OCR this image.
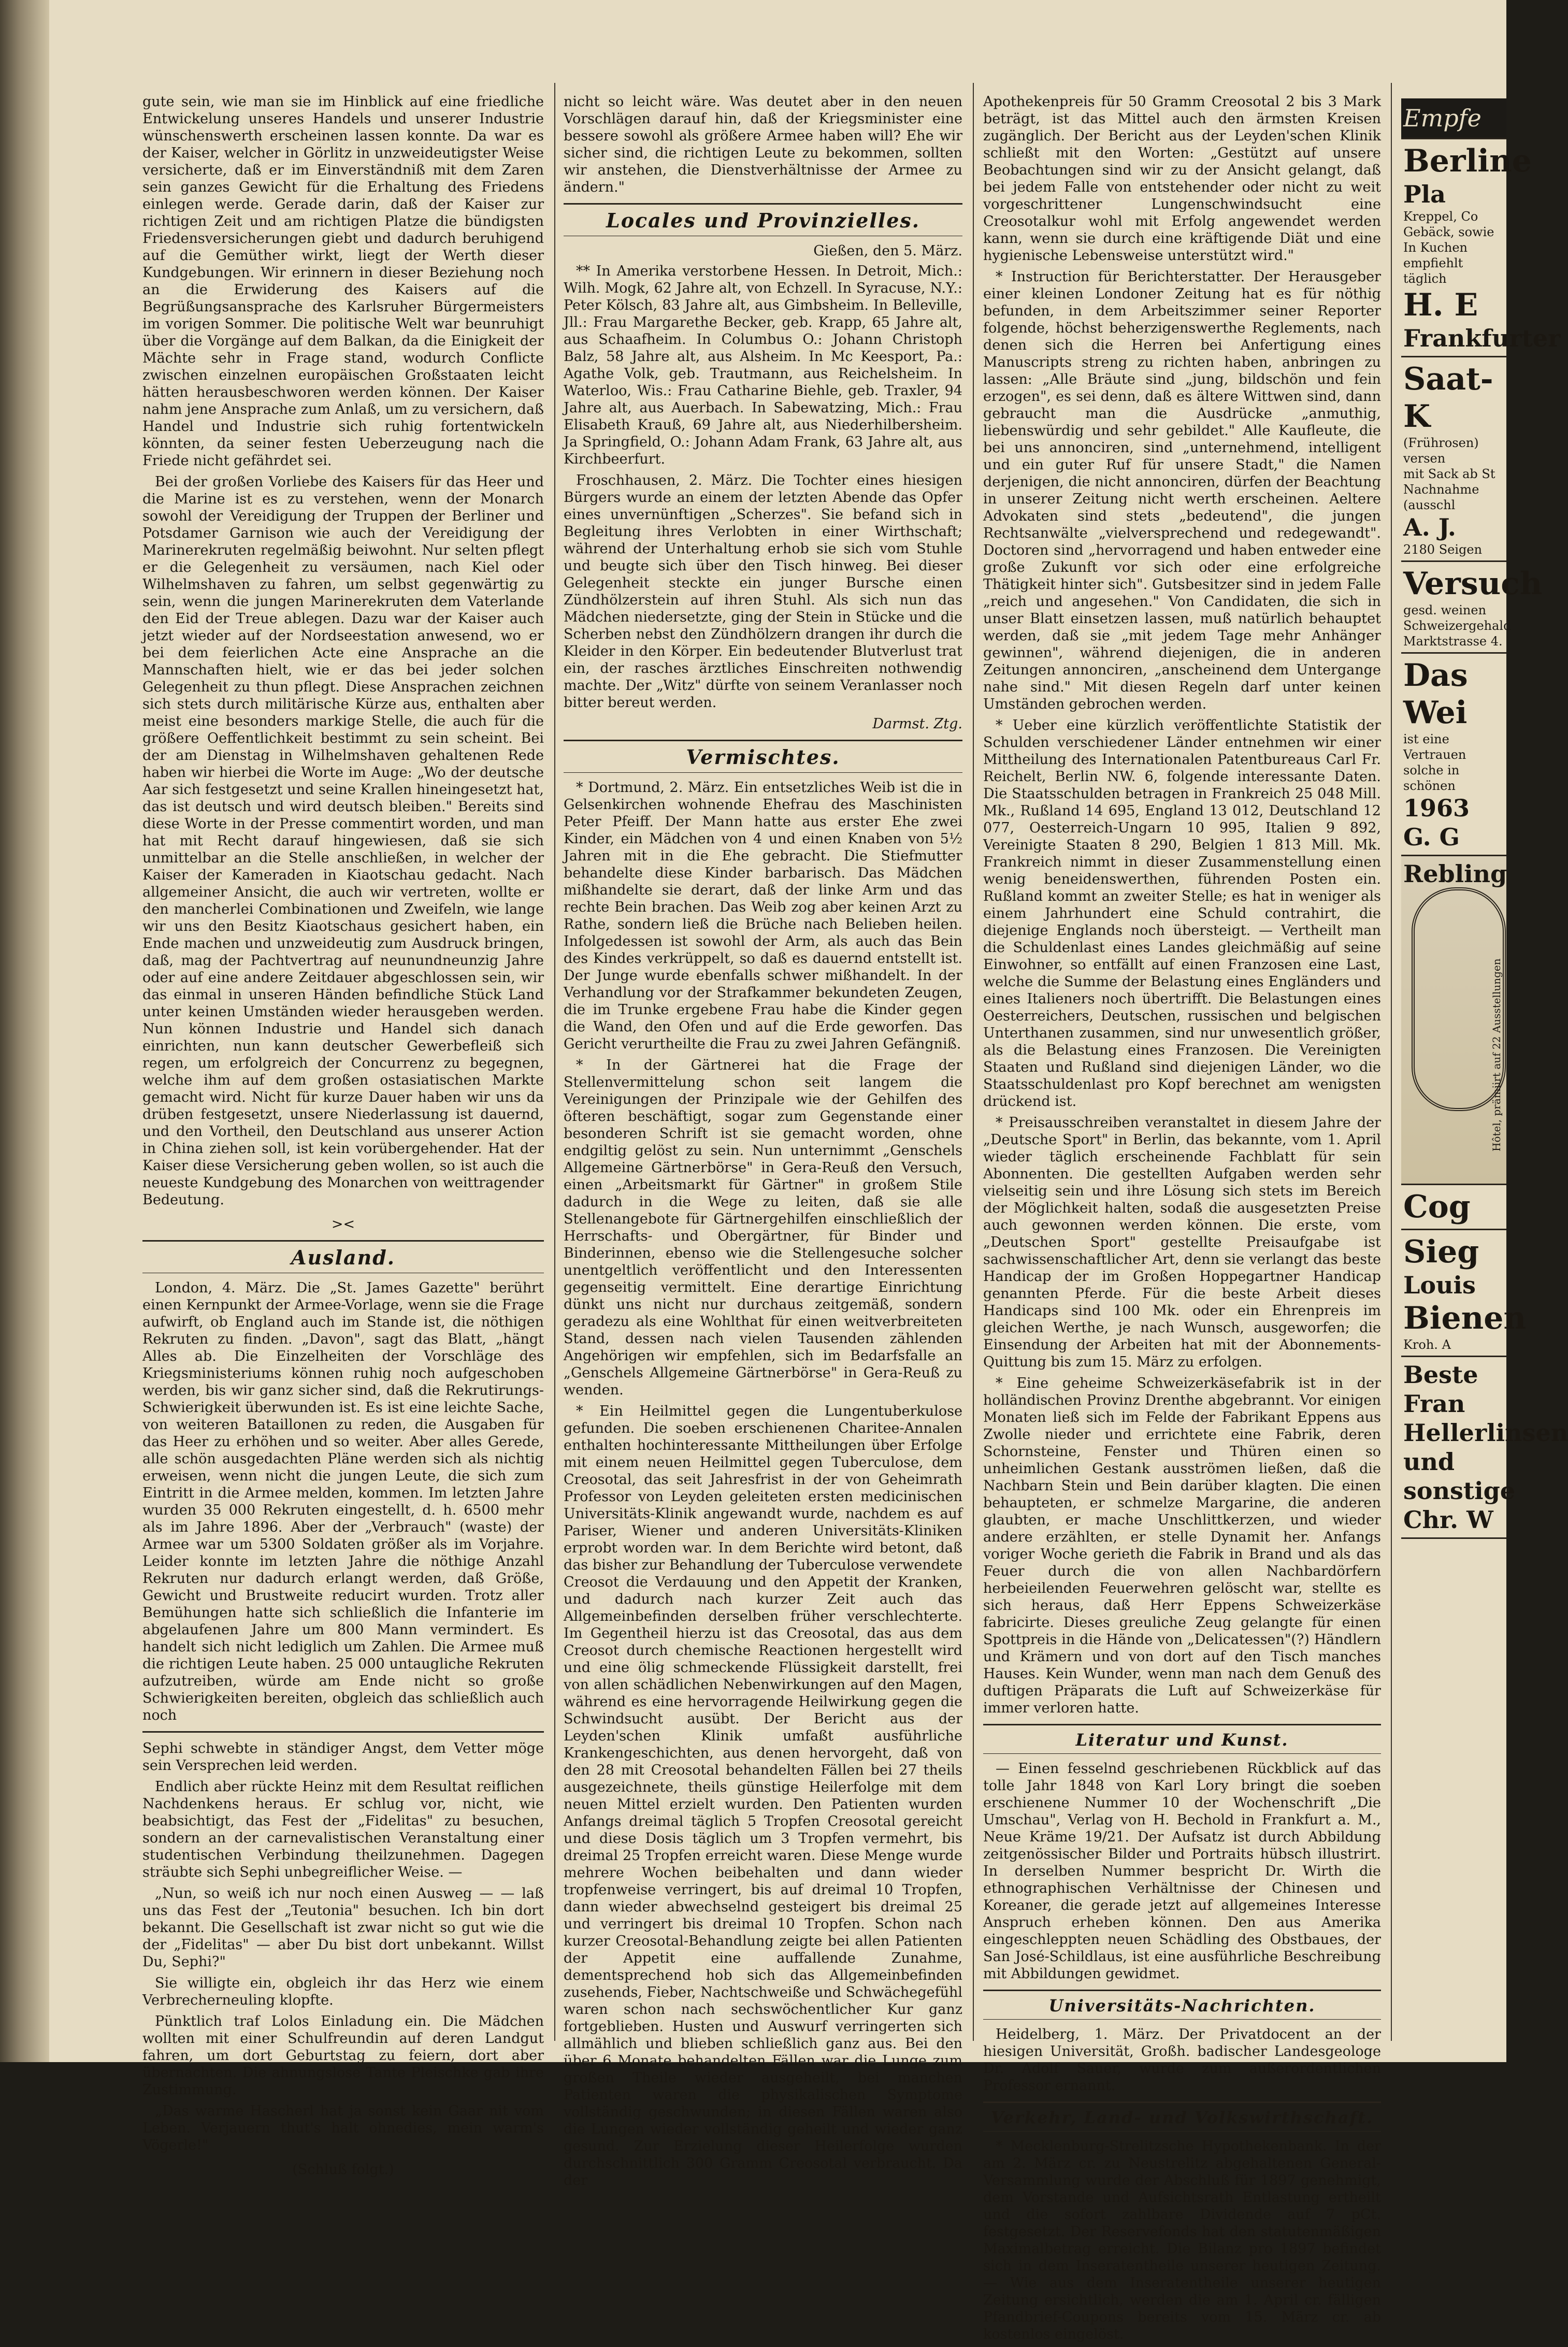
gute sein, wie man sie im Hinblick auf eine friedliche Entwickelung unseres Handels und unserer Industrie wünschenswerth erscheinen lassen konnte. Da war es der Kaiser, welcher in Görlitz in unzweideutigster Weise versicherte, daß er im Einverständniß mit dem Zaren sein ganzes Gewicht für die Erhaltung des Friedens einlegen werde. Gerade darin, daß der Kaiser zur richtigen Zeit und am richtigen Platze die bündigsten Friedensversicherungen giebt und dadurch beruhigend auf die Gemüther wirkt, liegt der Werth dieser Kundgebungen. Wir erinnern in dieser Beziehung noch an die Erwiderung des Kaisers auf die Begrüßungsansprache des Karlsruher Bürgermeisters im vorigen Sommer. Die politische Welt war beunruhigt über die Vorgänge auf dem Balkan, da die Einigkeit der Mächte sehr in Frage stand, wodurch Conflicte zwischen einzelnen europäischen Großstaaten leicht hätten herausbeschworen werden können. Der Kaiser nahm jene Ansprache zum Anlaß, um zu versichern, daß Handel und Industrie sich ruhig fortentwickeln könnten, da seiner festen Ueberzeugung nach die Friede nicht gefährdet sei.

Bei der großen Vorliebe des Kaisers für das Heer und die Marine ist es zu verstehen, wenn der Monarch sowohl der Vereidigung der Truppen der Berliner und Potsdamer Garnison wie auch der Vereidigung der Marinerekruten regelmäßig beiwohnt. Nur selten pflegt er die Gelegenheit zu versäumen, nach Kiel oder Wilhelmshaven zu fahren, um selbst gegenwärtig zu sein, wenn die jungen Marinerekruten dem Vaterlande den Eid der Treue ablegen. Dazu war der Kaiser auch jetzt wieder auf der Nordseestation anwesend, wo er bei dem feierlichen Acte eine Ansprache an die Mannschaften hielt, wie er das bei jeder solchen Gelegenheit zu thun pflegt. Diese Ansprachen zeichnen sich stets durch militärische Kürze aus, enthalten aber meist eine besonders markige Stelle, die auch für die größere Oeffentlichkeit bestimmt zu sein scheint. Bei der am Dienstag in Wilhelmshaven gehaltenen Rede haben wir hierbei die Worte im Auge: „Wo der deutsche Aar sich festgesetzt und seine Krallen hineingesetzt hat, das ist deutsch und wird deutsch bleiben." Bereits sind diese Worte in der Presse commentirt worden, und man hat mit Recht darauf hingewiesen, daß sie sich unmittelbar an die Stelle anschließen, in welcher der Kaiser der Kameraden in Kiaotschau gedacht. Nach allgemeiner Ansicht, die auch wir vertreten, wollte er den mancherlei Combinationen und Zweifeln, wie lange wir uns den Besitz Kiaotschaus gesichert haben, ein Ende machen und unzweideutig zum Ausdruck bringen, daß, mag der Pachtvertrag auf neunundneunzig Jahre oder auf eine andere Zeitdauer abgeschlossen sein, wir das einmal in unseren Händen befindliche Stück Land unter keinen Umständen wieder herausgeben werden. Nun können Industrie und Handel sich danach einrichten, nun kann deutscher Gewerbefleiß sich regen, um erfolgreich der Concurrenz zu begegnen, welche ihm auf dem großen ostasiatischen Markte gemacht wird. Nicht für kurze Dauer haben wir uns da drüben festgesetzt, unsere Niederlassung ist dauernd, und den Vortheil, den Deutschland aus unserer Action in China ziehen soll, ist kein vorübergehender. Hat der Kaiser diese Versicherung geben wollen, so ist auch die neueste Kundgebung des Monarchen von weittragender Bedeutung.

><
Ausland.

London, 4. März. Die „St. James Gazette" berührt einen Kernpunkt der Armee-Vorlage, wenn sie die Frage aufwirft, ob England auch im Stande ist, die nöthigen Rekruten zu finden. „Davon", sagt das Blatt, „hängt Alles ab. Die Einzelheiten der Vorschläge des Kriegsministeriums können ruhig noch aufgeschoben werden, bis wir ganz sicher sind, daß die Rekrutirungs-Schwierigkeit überwunden ist. Es ist eine leichte Sache, von weiteren Bataillonen zu reden, die Ausgaben für das Heer zu erhöhen und so weiter. Aber alles Gerede, alle schön ausgedachten Pläne werden sich als nichtig erweisen, wenn nicht die jungen Leute, die sich zum Eintritt in die Armee melden, kommen. Im letzten Jahre wurden 35 000 Rekruten eingestellt, d. h. 6500 mehr als im Jahre 1896. Aber der „Verbrauch" (waste) der Armee war um 5300 Soldaten größer als im Vorjahre. Leider konnte im letzten Jahre die nöthige Anzahl Rekruten nur dadurch erlangt werden, daß Größe, Gewicht und Brustweite reducirt wurden. Trotz aller Bemühungen hatte sich schließlich die Infanterie im abgelaufenen Jahre um 800 Mann vermindert. Es handelt sich nicht lediglich um Zahlen. Die Armee muß die richtigen Leute haben. 25 000 untaugliche Rekruten aufzutreiben, würde am Ende nicht so große Schwierigkeiten bereiten, obgleich das schließlich auch noch

Sephi schwebte in ständiger Angst, dem Vetter möge sein Versprechen leid werden.

Endlich aber rückte Heinz mit dem Resultat reiflichen Nachdenkens heraus. Er schlug vor, nicht, wie beabsichtigt, das Fest der „Fidelitas" zu besuchen, sondern an der carnevalistischen Veranstaltung einer studentischen Verbindung theilzunehmen. Dagegen sträubte sich Sephi unbegreiflicher Weise. —

„Nun, so weiß ich nur noch einen Ausweg — — laß uns das Fest der „Teutonia" besuchen. Ich bin dort bekannt. Die Gesellschaft ist zwar nicht so gut wie die der „Fidelitas" — aber Du bist dort unbekannt. Willst Du, Sephi?"

Sie willigte ein, obgleich ihr das Herz wie einem Verbrecherneuling klopfte.

Pünktlich traf Lolos Einladung ein. Die Mädchen wollten mit einer Schulfreundin auf deren Landgut fahren, um dort Geburtstag zu feiern, dort aber übernachten. Die ahnungslose Tante Pleischke gab ihre Zustimmung.

„Das warme Hascherl hat ja sonst kein Gaar nit vom Leben. Verjauern thut's halt ohnedies, mein warm's Vögerle!"

(Schluß folgt.)

nicht so leicht wäre. Was deutet aber in den neuen Vorschlägen darauf hin, daß der Kriegsminister eine bessere sowohl als größere Armee haben will? Ehe wir sicher sind, die richtigen Leute zu bekommen, sollten wir anstehen, die Dienstverhältnisse der Armee zu ändern."

Locales und Provinzielles.
Gießen, den 5. März.

** In Amerika verstorbene Hessen. In Detroit, Mich.: Wilh. Mogk, 62 Jahre alt, von Echzell. In Syracuse, N.Y.: Peter Kölsch, 83 Jahre alt, aus Gimbsheim. In Belleville, Jll.: Frau Margarethe Becker, geb. Krapp, 65 Jahre alt, aus Schaafheim. In Columbus O.: Johann Christoph Balz, 58 Jahre alt, aus Alsheim. In Mc Keesport, Pa.: Agathe Volk, geb. Trautmann, aus Reichelsheim. In Waterloo, Wis.: Frau Catharine Biehle, geb. Traxler, 94 Jahre alt, aus Auerbach. In Sabewatzing, Mich.: Frau Elisabeth Krauß, 69 Jahre alt, aus Niederhilbersheim. Ja Springfield, O.: Johann Adam Frank, 63 Jahre alt, aus Kirchbeerfurt.

Froschhausen, 2. März. Die Tochter eines hiesigen Bürgers wurde an einem der letzten Abende das Opfer eines unvernünftigen „Scherzes". Sie befand sich in Begleitung ihres Verlobten in einer Wirthschaft; während der Unterhaltung erhob sie sich vom Stuhle und beugte sich über den Tisch hinweg. Bei dieser Gelegenheit steckte ein junger Bursche einen Zündhölzerstein auf ihren Stuhl. Als sich nun das Mädchen niedersetzte, ging der Stein in Stücke und die Scherben nebst den Zündhölzern drangen ihr durch die Kleider in den Körper. Ein bedeutender Blutverlust trat ein, der rasches ärztliches Einschreiten nothwendig machte. Der „Witz" dürfte von seinem Veranlasser noch bitter bereut werden.

Darmst. Ztg.
Vermischtes.

* Dortmund, 2. März. Ein entsetzliches Weib ist die in Gelsenkirchen wohnende Ehefrau des Maschinisten Peter Pfeiff. Der Mann hatte aus erster Ehe zwei Kinder, ein Mädchen von 4 und einen Knaben von 5½ Jahren mit in die Ehe gebracht. Die Stiefmutter behandelte diese Kinder barbarisch. Das Mädchen mißhandelte sie derart, daß der linke Arm und das rechte Bein brachen. Das Weib zog aber keinen Arzt zu Rathe, sondern ließ die Brüche nach Belieben heilen. Infolgedessen ist sowohl der Arm, als auch das Bein des Kindes verkrüppelt, so daß es dauernd entstellt ist. Der Junge wurde ebenfalls schwer mißhandelt. In der Verhandlung vor der Strafkammer bekundeten Zeugen, die im Trunke ergebene Frau habe die Kinder gegen die Wand, den Ofen und auf die Erde geworfen. Das Gericht verurtheilte die Frau zu zwei Jahren Gefängniß.

* In der Gärtnerei hat die Frage der Stellenvermittelung schon seit langem die Vereinigungen der Prinzipale wie der Gehilfen des öfteren beschäftigt, sogar zum Gegenstande einer besonderen Schrift ist sie gemacht worden, ohne endgiltig gelöst zu sein. Nun unternimmt „Genschels Allgemeine Gärtnerbörse" in Gera-Reuß den Versuch, einen „Arbeitsmarkt für Gärtner" in großem Stile dadurch in die Wege zu leiten, daß sie alle Stellenangebote für Gärtnergehilfen einschließlich der Herrschafts- und Obergärtner, für Binder und Binderinnen, ebenso wie die Stellengesuche solcher unentgeltlich veröffentlicht und den Interessenten gegenseitig vermittelt. Eine derartige Einrichtung dünkt uns nicht nur durchaus zeitgemäß, sondern geradezu als eine Wohlthat für einen weitverbreiteten Stand, dessen nach vielen Tausenden zählenden Angehörigen wir empfehlen, sich im Bedarfsfalle an „Genschels Allgemeine Gärtnerbörse" in Gera-Reuß zu wenden.

* Ein Heilmittel gegen die Lungentuberkulose gefunden. Die soeben erschienenen Charitee-Annalen enthalten hochinteressante Mittheilungen über Erfolge mit einem neuen Heilmittel gegen Tuberculose, dem Creosotal, das seit Jahresfrist in der von Geheimrath Professor von Leyden geleiteten ersten medicinischen Universitäts-Klinik angewandt wurde, nachdem es auf Pariser, Wiener und anderen Universitäts-Kliniken erprobt worden war. In dem Berichte wird betont, daß das bisher zur Behandlung der Tuberculose verwendete Creosot die Verdauung und den Appetit der Kranken, und dadurch nach kurzer Zeit auch das Allgemeinbefinden derselben früher verschlechterte. Im Gegentheil hierzu ist das Creosotal, das aus dem Creosot durch chemische Reactionen hergestellt wird und eine ölig schmeckende Flüssigkeit darstellt, frei von allen schädlichen Nebenwirkungen auf den Magen, während es eine hervorragende Heilwirkung gegen die Schwindsucht ausübt. Der Bericht aus der Leyden'schen Klinik umfaßt ausführliche Krankengeschichten, aus denen hervorgeht, daß von den 28 mit Creosotal behandelten Fällen bei 27 theils ausgezeichnete, theils günstige Heilerfolge mit dem neuen Mittel erzielt wurden. Den Patienten wurden Anfangs dreimal täglich 5 Tropfen Creosotal gereicht und diese Dosis täglich um 3 Tropfen vermehrt, bis dreimal 25 Tropfen erreicht waren. Diese Menge wurde mehrere Wochen beibehalten und dann wieder tropfenweise verringert, bis auf dreimal 10 Tropfen, dann wieder abwechselnd gesteigert bis dreimal 25 und verringert bis dreimal 10 Tropfen. Schon nach kurzer Creosotal-Behandlung zeigte bei allen Patienten der Appetit eine auffallende Zunahme, dementsprechend hob sich das Allgemeinbefinden zusehends, Fieber, Nachtschweiße und Schwächegefühl waren schon nach sechswöchentlicher Kur ganz fortgeblieben. Husten und Auswurf verringerten sich allmählich und blieben schließlich ganz aus. Bei den über 6 Monate behandelten Fällen war die Lunge zum großen Theile wieder ausgeheilt, bei manchen Patienten waren die physikalischen Symptome vollständig geschwunden; in diesen Fällen waren also die Lungen wieder vollständig geheilt und wieder ganz gesund. Zur Erzielung dieser Heilerfolge wurden durchschnittlich 300 Gramm Creosotal verbraucht. Da der

Apothekenpreis für 50 Gramm Creosotal 2 bis 3 Mark beträgt, ist das Mittel auch den ärmsten Kreisen zugänglich. Der Bericht aus der Leyden'schen Klinik schließt mit den Worten: „Gestützt auf unsere Beobachtungen sind wir zu der Ansicht gelangt, daß bei jedem Falle von entstehender oder nicht zu weit vorgeschrittener Lungenschwindsucht eine Creosotalkur wohl mit Erfolg angewendet werden kann, wenn sie durch eine kräftigende Diät und eine hygienische Lebensweise unterstützt wird."

* Instruction für Berichterstatter. Der Herausgeber einer kleinen Londoner Zeitung hat es für nöthig befunden, in dem Arbeitszimmer seiner Reporter folgende, höchst beherzigenswerthe Reglements, nach denen sich die Herren bei Anfertigung eines Manuscripts streng zu richten haben, anbringen zu lassen: „Alle Bräute sind „jung, bildschön und fein erzogen", es sei denn, daß es ältere Wittwen sind, dann gebraucht man die Ausdrücke „anmuthig, liebenswürdig und sehr gebildet." Alle Kaufleute, die bei uns annonciren, sind „unternehmend, intelligent und ein guter Ruf für unsere Stadt," die Namen derjenigen, die nicht annonciren, dürfen der Beachtung in unserer Zeitung nicht werth erscheinen. Aeltere Advokaten sind stets „bedeutend", die jungen Rechtsanwälte „vielversprechend und redegewandt". Doctoren sind „hervorragend und haben entweder eine große Zukunft vor sich oder eine erfolgreiche Thätigkeit hinter sich". Gutsbesitzer sind in jedem Falle „reich und angesehen." Von Candidaten, die sich in unser Blatt einsetzen lassen, muß natürlich behauptet werden, daß sie „mit jedem Tage mehr Anhänger gewinnen", während diejenigen, die in anderen Zeitungen annonciren, „anscheinend dem Untergange nahe sind." Mit diesen Regeln darf unter keinen Umständen gebrochen werden.

* Ueber eine kürzlich veröffentlichte Statistik der Schulden verschiedener Länder entnehmen wir einer Mittheilung des Internationalen Patentbureaus Carl Fr. Reichelt, Berlin NW. 6, folgende interessante Daten. Die Staatsschulden betragen in Frankreich 25 048 Mill. Mk., Rußland 14 695, England 13 012, Deutschland 12 077, Oesterreich-Ungarn 10 995, Italien 9 892, Vereinigte Staaten 8 290, Belgien 1 813 Mill. Mk. Frankreich nimmt in dieser Zusammenstellung einen wenig beneidenswerthen, führenden Posten ein. Rußland kommt an zweiter Stelle; es hat in weniger als einem Jahrhundert eine Schuld contrahirt, die diejenige Englands noch übersteigt. — Vertheilt man die Schuldenlast eines Landes gleichmäßig auf seine Einwohner, so entfällt auf einen Franzosen eine Last, welche die Summe der Belastung eines Engländers und eines Italieners noch übertrifft. Die Belastungen eines Oesterreichers, Deutschen, russischen und belgischen Unterthanen zusammen, sind nur unwesentlich größer, als die Belastung eines Franzosen. Die Vereinigten Staaten und Rußland sind diejenigen Länder, wo die Staatsschuldenlast pro Kopf berechnet am wenigsten drückend ist.

* Preisausschreiben veranstaltet in diesem Jahre der „Deutsche Sport" in Berlin, das bekannte, vom 1. April wieder täglich erscheinende Fachblatt für sein Abonnenten. Die gestellten Aufgaben werden sehr vielseitig sein und ihre Lösung sich stets im Bereich der Möglichkeit halten, sodaß die ausgesetzten Preise auch gewonnen werden können. Die erste, vom „Deutschen Sport" gestellte Preisaufgabe ist sachwissenschaftlicher Art, denn sie verlangt das beste Handicap der im Großen Hoppegartner Handicap genannten Pferde. Für die beste Arbeit dieses Handicaps sind 100 Mk. oder ein Ehrenpreis im gleichen Werthe, je nach Wunsch, ausgeworfen; die Einsendung der Arbeiten hat mit der Abonnements-Quittung bis zum 15. März zu erfolgen.

* Eine geheime Schweizerkäsefabrik ist in der holländischen Provinz Drenthe abgebrannt. Vor einigen Monaten ließ sich im Felde der Fabrikant Eppens aus Zwolle nieder und errichtete eine Fabrik, deren Schornsteine, Fenster und Thüren einen so unheimlichen Gestank ausströmen ließen, daß die Nachbarn Stein und Bein darüber klagten. Die einen behaupteten, er schmelze Margarine, die anderen glaubten, er mache Unschlittkerzen, und wieder andere erzählten, er stelle Dynamit her. Anfangs voriger Woche gerieth die Fabrik in Brand und als das Feuer durch die von allen Nachbardörfern herbeieilenden Feuerwehren gelöscht war, stellte es sich heraus, daß Herr Eppens Schweizerkäse fabricirte. Dieses greuliche Zeug gelangte für einen Spottpreis in die Hände von „Delicatessen"(?) Händlern und Krämern und von dort auf den Tisch manches Hauses. Kein Wunder, wenn man nach dem Genuß des duftigen Präparats die Luft auf Schweizerkäse für immer verloren hatte.

Literatur und Kunst.

— Einen fesselnd geschriebenen Rückblick auf das tolle Jahr 1848 von Karl Lory bringt die soeben erschienene Nummer 10 der Wochenschrift „Die Umschau", Verlag von H. Bechold in Frankfurt a. M., Neue Kräme 19/21. Der Aufsatz ist durch Abbildung zeitgenössischer Bilder und Portraits hübsch illustrirt. In derselben Nummer bespricht Dr. Wirth die ethnographischen Verhältnisse der Chinesen und Koreaner, die gerade jetzt auf allgemeines Interesse Anspruch erheben können. Den aus Amerika eingeschleppten neuen Schädling des Obstbaues, der San José-Schildlaus, ist eine ausführliche Beschreibung mit Abbildungen gewidmet.

Universitäts-Nachrichten.

Heidelberg, 1. März. Der Privatdocent an der hiesigen Universität, Großh. badischer Landesgeologe Dr. Adolf Sauer, wurde zum außerordentlichen Professor ernannt.

Verkehr, Land- und Volkswirthschaft.

* Mecklenburg-Strelitzsche Hypothekenbank. In der am 2. März cr. zu Neustrelitz abgehaltenen General-Versammlung wurde der Abschluß für 1897 genehmigt, dem Vorstande und Aufsichtsrath Entlastung ertheilt und die sofort zahlbare Dividende auf 7 pCt. festgesetzt. Der Reservefonds hat den statutenmäßigen Maximalbetrag erreicht. Die Bilanz pro 1897 befindet sich in dem Inseratentheile unserer heutigen Zeitung. — Wie aus dem Inseratentheile unserer heutigen Zeitung ersichtlich, werden die am 1. April cr. fälligen Pfandbrief-Coupons bereits vom 15. März cr. ab kostenlos eingelöst.

Empfe
Berline
Pla
Kreppel, Co
Gebäck, sowie
In Kuchen
empfiehlt täglich
H. E
Frankfurter
Saat-K
(Frührosen) versen
mit Sack ab St
Nachnahme (ausschl
A. J.
2180 Seigen
Versuch
gesd. weinen Schweizergehald
Marktstrasse 4.
Das Wei
ist eine Vertrauen
solche in schönen
1963 G. G
Rebling
Hôtel, prämiirt auf 22 Ausstellungen
Cog
Sieg
Louis
Bienen
Kroh. A
Beste Fran
Hellerlinsen
und sonstige
Chr. W
